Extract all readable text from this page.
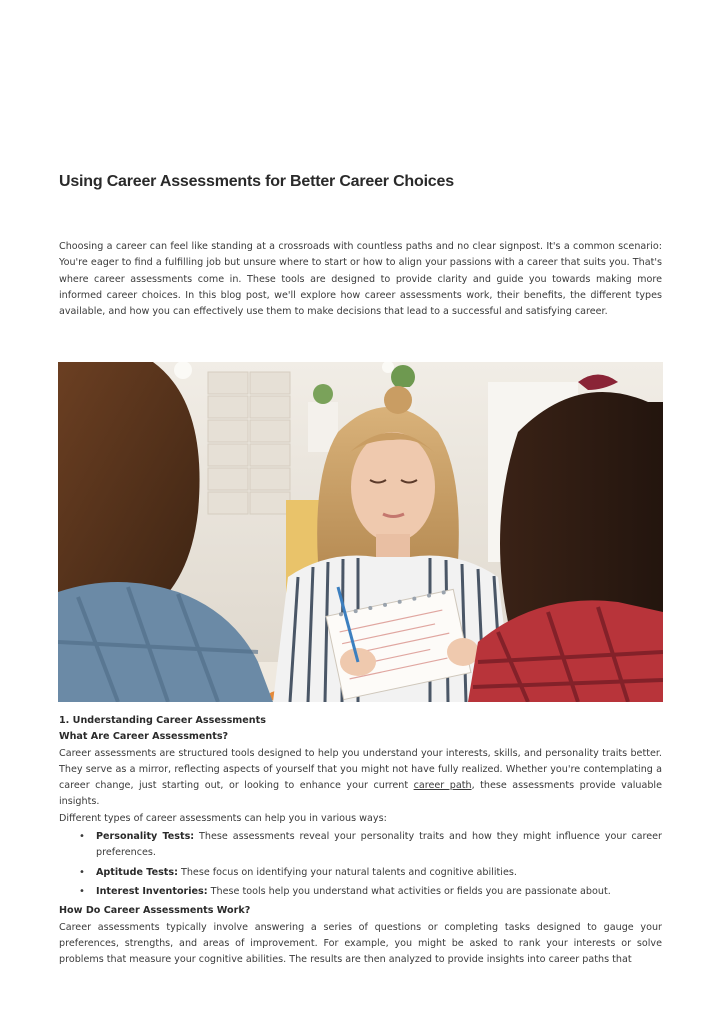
Using Career Assessments for Better Career Choices

Choosing a career can feel like standing at a crossroads with countless paths and no clear signpost. It's a common scenario: You're eager to find a fulfilling job but unsure where to start or how to align your passions with a career that suits you. That's where career assessments come in. These tools are designed to provide clarity and guide you towards making more informed career choices. In this blog post, we'll explore how career assessments work, their benefits, the different types available, and how you can effectively use them to make decisions that lead to a successful and satisfying career.

1. Understanding Career Assessments

What Are Career Assessments?

Career assessments are structured tools designed to help you understand your interests, skills, and personality traits better. They serve as a mirror, reflecting aspects of yourself that you might not have fully realized. Whether you're contemplating a career change, just starting out, or looking to enhance your current career path, these assessments provide valuable insights.

Different types of career assessments can help you in various ways:

• Personality Tests: These assessments reveal your personality traits and how they might influence your career preferences.
• Aptitude Tests: These focus on identifying your natural talents and cognitive abilities.
• Interest Inventories: These tools help you understand what activities or fields you are passionate about.

How Do Career Assessments Work?

Career assessments typically involve answering a series of questions or completing tasks designed to gauge your preferences, strengths, and areas of improvement. For example, you might be asked to rank your interests or solve problems that measure your cognitive abilities. The results are then analyzed to provide insights into career paths that
